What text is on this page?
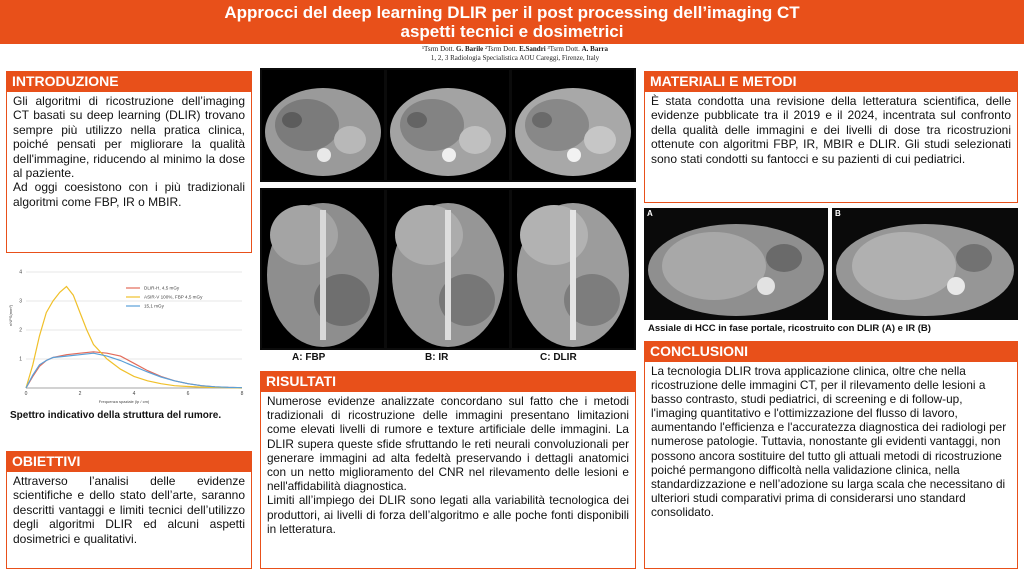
Approcci del deep learning DLIR per il post processing dell’imaging CT
aspetti tecnici e dosimetrici
¹Tsrm Dott. G. Barile ²Tsrm Dott. E.Sandri ³Tsrm Dott. A. Barra
1, 2, 3 Radiologia Specialistica AOU Careggi, Firenze, Italy
INTRODUZIONE

Gli algoritmi di ricostruzione dell’imaging CT basati su deep learning (DLIR) trovano sempre più utilizzo nella pratica clinica, poiché pensati per migliorare la qualità dell'immagine, riducendo al minimo la dose al paziente.

Ad oggi coesistono con i più tradizionali algoritmi come FBP, IR o MBIR.

1
2
3
4
0	2	4	6	8
DLIR-H, 4,5 mGy
ASIR-V 100%, FBP 4,5 mGy
15,1 mGy
nNPS(mm²)
Frequenza spaziale (lp / cm)
Spettro indicativo della struttura del rumore.
OBIETTIVI
Attraverso l’analisi delle evidenze scientifiche e dello stato dell’arte, saranno descritti vantaggi e limiti tecnici dell’utilizzo degli algoritmi DLIR ed alcuni aspetti dosimetrici e qualitativi.
A: FBP	B: IR	C: DLIR
RISULTATI

Numerose evidenze analizzate concordano sul fatto che i metodi tradizionali di ricostruzione delle immagini presentano limitazioni come elevati livelli di rumore e texture artificiale delle immagini. La DLIR supera queste sfide sfruttando le reti neurali convoluzionali per generare immagini ad alta fedeltà preservando i dettagli anatomici con un netto miglioramento del CNR nel rilevamento delle lesioni e nell'affidabilità diagnostica.

Limiti all’impiego dei DLIR sono legati alla variabilità tecnologica dei produttori, ai livelli di forza dell’algoritmo e alle poche fonti disponibili in letteratura.

MATERIALI E METODI
È stata condotta una revisione della letteratura scientifica, delle evidenze pubblicate tra il 2019 e il 2024, incentrata sul confronto della qualità delle immagini e dei livelli di dose tra ricostruzioni ottenute con algoritmi FBP, IR, MBIR e DLIR. Gli studi selezionati sono stati condotti su fantocci e su pazienti di cui pediatrici.
A	B
Assiale di HCC in fase portale, ricostruito con DLIR (A) e IR (B)
CONCLUSIONI
La tecnologia DLIR trova applicazione clinica, oltre che nella ricostruzione delle immagini CT, per il rilevamento delle lesioni a basso contrasto, studi pediatrici, di screening e di follow-up, l'imaging quantitativo e l'ottimizzazione del flusso di lavoro, aumentando l'efficienza e l'accuratezza diagnostica dei radiologi per numerose patologie. Tuttavia, nonostante gli evidenti vantaggi, non possono ancora sostituire del tutto gli attuali metodi di ricostruzione poiché permangono difficoltà nella validazione clinica, nella standardizzazione e nell’adozione su larga scala che necessitano di ulteriori studi comparativi prima di considerarsi uno standard consolidato.
